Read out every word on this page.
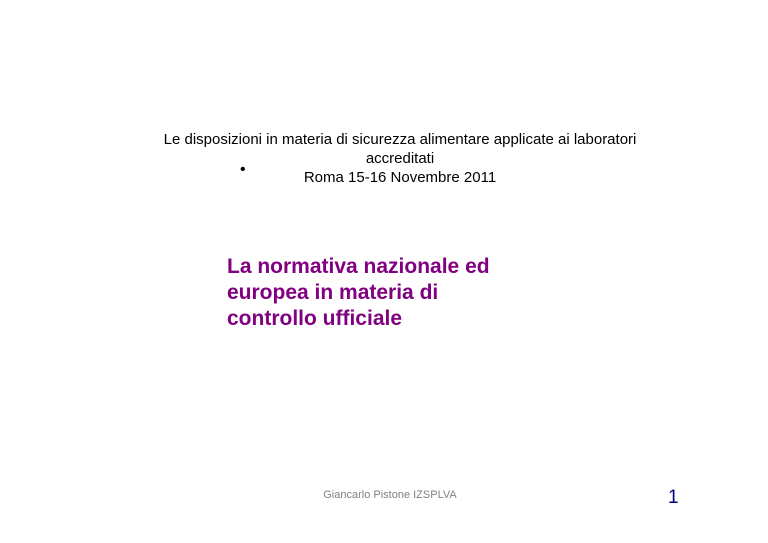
Le disposizioni in materia di sicurezza alimentare applicate ai laboratori
accreditati
Roma 15-16 Novembre 2011
•
La normativa nazionale ed
europea in materia di
controllo ufficiale
Giancarlo Pistone IZSPLVA	1
